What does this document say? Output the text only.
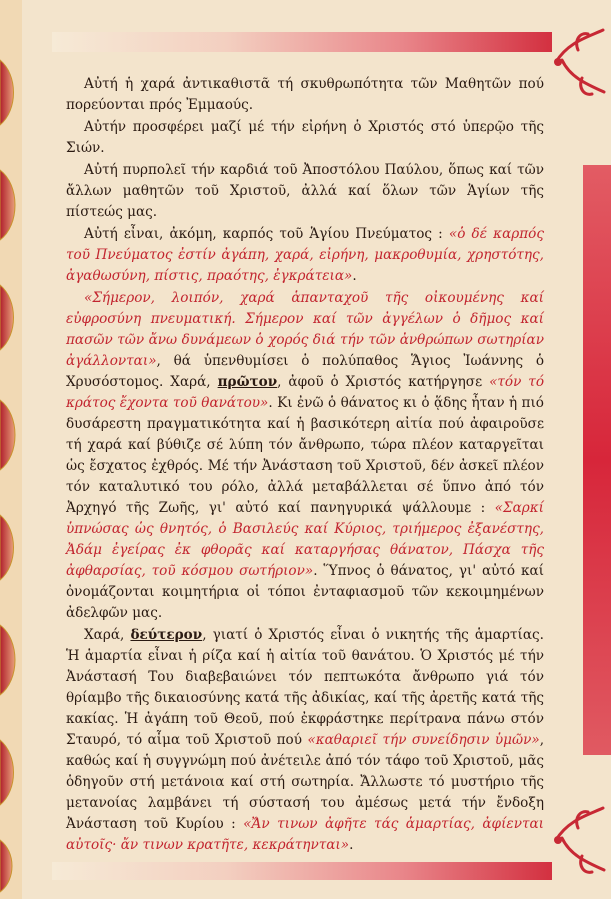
Αὐτή ἡ χαρά ἀντικαθιστᾶ τή σκυθρωπότητα τῶν Μαθητῶν πού πορεύονται πρός Ἐμμαούς.

Αὐτήν προσφέρει μαζί μέ τήν εἰρήνη ὁ Χριστός στό ὑπερῷο τῆς Σιών.

Αὐτή πυρπολεῖ τήν καρδιά τοῦ Ἀποστόλου Παύλου, ὅπως καί τῶν ἄλλων μαθητῶν τοῦ Χριστοῦ, ἀλλά καί ὅλων τῶν Ἁγίων τῆς πίστεώς μας.

Αὐτή εἶναι, ἀκόμη, καρπός τοῦ Ἁγίου Πνεύματος : «ὁ δέ καρπός τοῦ Πνεύματος ἐστίν ἀγάπη, χαρά, εἰρήνη, μακροθυμία, χρηστότης, ἀγαθωσύνη, πίστις, πραότης, ἐγκράτεια».

«Σήμερον, λοιπόν, χαρά ἁπανταχοῦ τῆς οἰκουμένης καί εὐφροσύνη πνευματική. Σήμερον καί τῶν ἀγγέλων ὁ δῆμος καί πασῶν τῶν ἄνω δυνάμεων ὁ χορός διά τήν τῶν ἀνθρώπων σωτηρίαν ἀγάλλονται», θά ὑπενθυμίσει ὁ πολύπαθος Ἅγιος Ἰωάννης ὁ Χρυσόστομος. Χαρά, πρῶτον, ἀφοῦ ὁ Χριστός κατήργησε «τόν τό κράτος ἔχοντα τοῦ θανάτου». Κι ἐνῶ ὁ θάνατος κι ὁ ᾅδης ἦταν ἡ πιό δυσάρεστη πραγματικότητα καί ἡ βασικότερη αἰτία πού ἀφαιροῦσε τή χαρά καί βύθιζε σέ λύπη τόν ἄνθρωπο, τώρα πλέον καταργεῖται ὡς ἔσχατος ἐχθρός. Μέ τήν Ἀνάσταση τοῦ Χριστοῦ, δέν ἀσκεῖ πλέον τόν καταλυτικό του ρόλο, ἀλλά μεταβάλλεται σέ ὕπνο ἀπό τόν Ἀρχηγό τῆς Ζωῆς, γι' αὐτό καί πανηγυρικά ψάλλουμε : «Σαρκί ὑπνώσας ὡς θνητός, ὁ Βασιλεύς καί Κύριος, τριήμερος ἐξανέστης, Ἀδάμ ἐγείρας ἐκ φθορᾶς καί καταργήσας θάνατον, Πάσχα τῆς ἀφθαρσίας, τοῦ κόσμου σωτήριον». Ὕπνος ὁ θάνατος, γι' αὐτό καί ὀνομάζονται κοιμητήρια οἱ τόποι ἐνταφιασμοῦ τῶν κεκοιμημένων ἀδελφῶν μας.

Χαρά, δεύτερον, γιατί ὁ Χριστός εἶναι ὁ νικητής τῆς ἁμαρτίας. Ἡ ἁμαρτία εἶναι ἡ ρίζα καί ἡ αἰτία τοῦ θανάτου. Ὁ Χριστός μέ τήν Ἀνάστασή Του διαβεβαιώνει τόν πεπτωκότα ἄνθρωπο γιά τόν θρίαμβο τῆς δικαιοσύνης κατά τῆς ἀδικίας, καί τῆς ἀρετῆς κατά τῆς κακίας. Ἡ ἀγάπη τοῦ Θεοῦ, πού ἐκφράστηκε περίτρανα πάνω στόν Σταυρό, τό αἷμα τοῦ Χριστοῦ πού «καθαριεῖ τήν συνείδησιν ὑμῶν», καθώς καί ἡ συγγνώμη πού ἀνέτειλε ἀπό τόν τάφο τοῦ Χριστοῦ, μᾶς ὁδηγοῦν στή μετάνοια καί στή σωτηρία. Ἄλλωστε τό μυστήριο τῆς μετανοίας λαμβάνει τή σύστασή του ἀμέσως μετά τήν ἔνδοξη Ἀνάσταση τοῦ Κυρίου : «Ἄν τινων ἀφῆτε τάς ἁμαρτίας, ἀφίενται αὐτοῖς· ἄν τινων κρατῆτε, κεκράτηνται».
